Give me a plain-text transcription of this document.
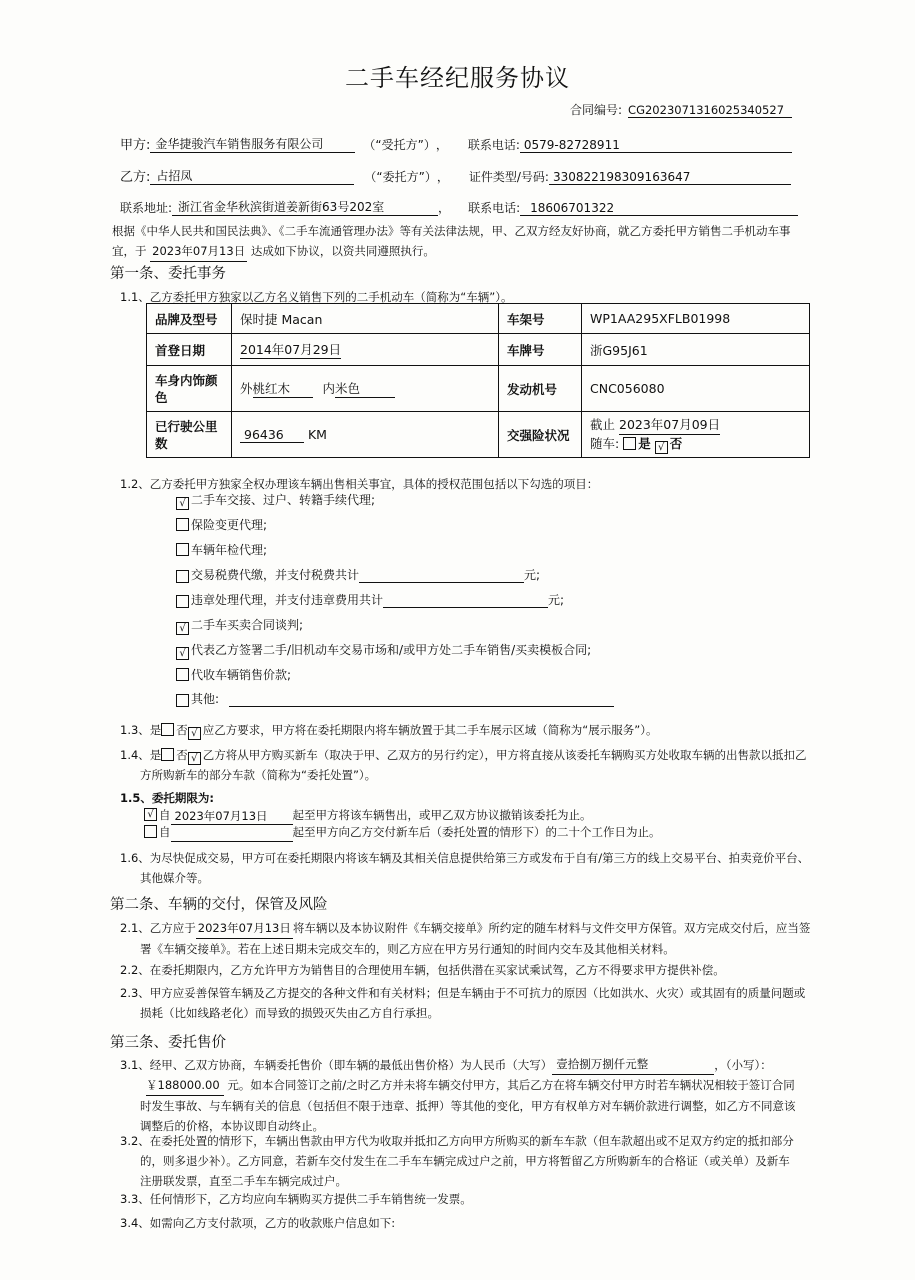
二手车经纪服务协议
合同编号: CG2023071316025340527
甲方: 金华捷骏汽车销售服务有限公司	（“受托方”） ， 联系电话: 0579-82728911
乙方: 占招凤	（“委托方”） ， 证件类型/号码: 330822198309163647
联系地址: 浙江省金华秋滨街道姜新街63号202室	， 联系电话: 18606701322
根据《中华人民共和国民法典》、《二手车流通管理办法》等有关法律法规，甲、乙双方经友好协商，就乙方委托甲方销售二手机动车事
宜，于 2023年07月13日 达成如下协议，以资共同遵照执行。
第一条、委托事务
1.1、乙方委托甲方独家以乙方名义销售下列的二手机动车（简称为“车辆”）。
品牌及型号	保时捷 Macan	车架号	WP1AA295XFLB01998
首登日期	2014年07月29日	车牌号	浙G95J61
车身内饰颜色	外桃红木 内米色	发动机号	CNC056080
已行驶公里数	96436 KM	交强险状况	截止 2023年07月09日
随车: 是 √ 否
1.2、乙方委托甲方独家全权办理该车辆出售相关事宜，具体的授权范围包括以下勾选的项目：
√ 二手车交接、过户、转籍手续代理;
保险变更代理;
车辆年检代理;
交易税费代缴，并支付税费共计	元;
违章处理代理，并支付违章费用共计	元;
√ 二手车买卖合同谈判;
√ 代表乙方签署二手/旧机动车交易市场和/或甲方处二手车销售/买卖模板合同;
代收车辆销售价款;
其他:
1.3、是 否 √ 应乙方要求，甲方将在委托期限内将车辆放置于其二手车展示区域（简称为“展示服务”）。
1.4、是 否 √ 乙方将从甲方购买新车（取决于甲、乙双方的另行约定），甲方将直接从该委托车辆购买方处收取车辆的出售款以抵扣乙
方所购新车的部分车款（简称为“委托处置”）。
1.5、委托期限为:
√ 自 2023年07月13日	起至甲方将该车辆售出，或甲乙双方协议撤销该委托为止。
自	起至甲方向乙方交付新车后（委托处置的情形下）的二十个工作日为止。
1.6、为尽快促成交易，甲方可在委托期限内将该车辆及其相关信息提供给第三方或发布于自有/第三方的线上交易平台、拍卖竞价平台、
其他媒介等。
第二条、车辆的交付，保管及风险
2.1、乙方应于 2023年07月13日 将车辆以及本协议附件《车辆交接单》所约定的随车材料与文件交甲方保管。双方完成交付后，应当签
署《车辆交接单》。若在上述日期未完成交车的，则乙方应在甲方另行通知的时间内交车及其他相关材料。
2.2、在委托期限内，乙方允许甲方为销售目的合理使用车辆，包括供潜在买家试乘试驾，乙方不得要求甲方提供补偿。
2.3、甲方应妥善保管车辆及乙方提交的各种文件和有关材料；但是车辆由于不可抗力的原因（比如洪水、火灾）或其固有的质量问题或
损耗（比如线路老化）而导致的损毁灭失由乙方自行承担。
第三条、委托售价
3.1、经甲、乙双方协商，车辆委托售价（即车辆的最低出售价格）为人民币（大写） 壹拾捌万捌仟元整	，（小写）：
￥188000.00 元。如本合同签订之前/之时乙方并未将车辆交付甲方，其后乙方在将车辆交付甲方时若车辆状况相较于签订合同
时发生事故、与车辆有关的信息（包括但不限于违章、抵押）等其他的变化，甲方有权单方对车辆价款进行调整，如乙方不同意该
调整后的价格，本协议即自动终止。
3.2、在委托处置的情形下，车辆出售款由甲方代为收取并抵扣乙方向甲方所购买的新车车款（但车款超出或不足双方约定的抵扣部分
的，则多退少补）。乙方同意，若新车交付发生在二手车车辆完成过户之前，甲方将暂留乙方所购新车的合格证（或关单）及新车
注册联发票，直至二手车车辆完成过户。
3.3、任何情形下，乙方均应向车辆购买方提供二手车销售统一发票。
3.4、如需向乙方支付款项，乙方的收款账户信息如下:
